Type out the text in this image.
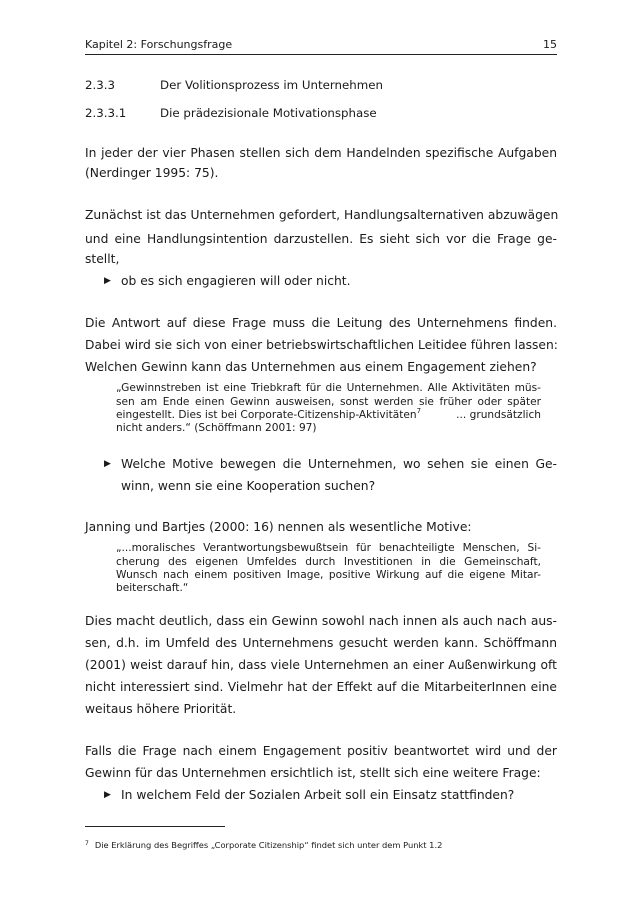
Kapitel 2: Forschungsfrage	15
2.3.3	Der Volitionsprozess im Unternehmen
2.3.3.1	Die prädezisionale Motivationsphase
In jeder der vier Phasen stellen sich dem Handelnden spezifische Aufgaben
(Nerdinger 1995: 75).
Zunächst ist das Unternehmen gefordert, Handlungsalternativen abzuwägen
und eine Handlungsintention darzustellen. Es sieht sich vor die Frage ge-
stellt,
▶ ob es sich engagieren will oder nicht.
Die Antwort auf diese Frage muss die Leitung des Unternehmens finden.
Dabei wird sie sich von einer betriebswirtschaftlichen Leitidee führen lassen:
Welchen Gewinn kann das Unternehmen aus einem Engagement ziehen?
„Gewinnstreben ist eine Triebkraft für die Unternehmen. Alle Aktivitäten müs-
sen am Ende einen Gewinn ausweisen, sonst werden sie früher oder später
eingestellt. Dies ist bei Corporate-Citizenship-Aktivitäten$^7$	... grundsätzlich
nicht anders.“ (Schöffmann 2001: 97)
▶ Welche Motive bewegen die Unternehmen, wo sehen sie einen Ge-
winn, wenn sie eine Kooperation suchen?
Janning und Bartjes (2000: 16) nennen als wesentliche Motive:
„...moralisches Verantwortungsbewußtsein für benachteiligte Menschen, Si-
cherung des eigenen Umfeldes durch Investitionen in die Gemeinschaft,
Wunsch nach einem positiven Image, positive Wirkung auf die eigene Mitar-
beiterschaft.“
Dies macht deutlich, dass ein Gewinn sowohl nach innen als auch nach aus-
sen, d.h. im Umfeld des Unternehmens gesucht werden kann. Schöffmann
(2001) weist darauf hin, dass viele Unternehmen an einer Außenwirkung oft
nicht interessiert sind. Vielmehr hat der Effekt auf die MitarbeiterInnen eine
weitaus höhere Priorität.
Falls die Frage nach einem Engagement positiv beantwortet wird und der
Gewinn für das Unternehmen ersichtlich ist, stellt sich eine weitere Frage:
▶ In welchem Feld der Sozialen Arbeit soll ein Einsatz stattfinden?
$^7$ Die Erklärung des Begriffes „Corporate Citizenship“ findet sich unter dem Punkt 1.2
